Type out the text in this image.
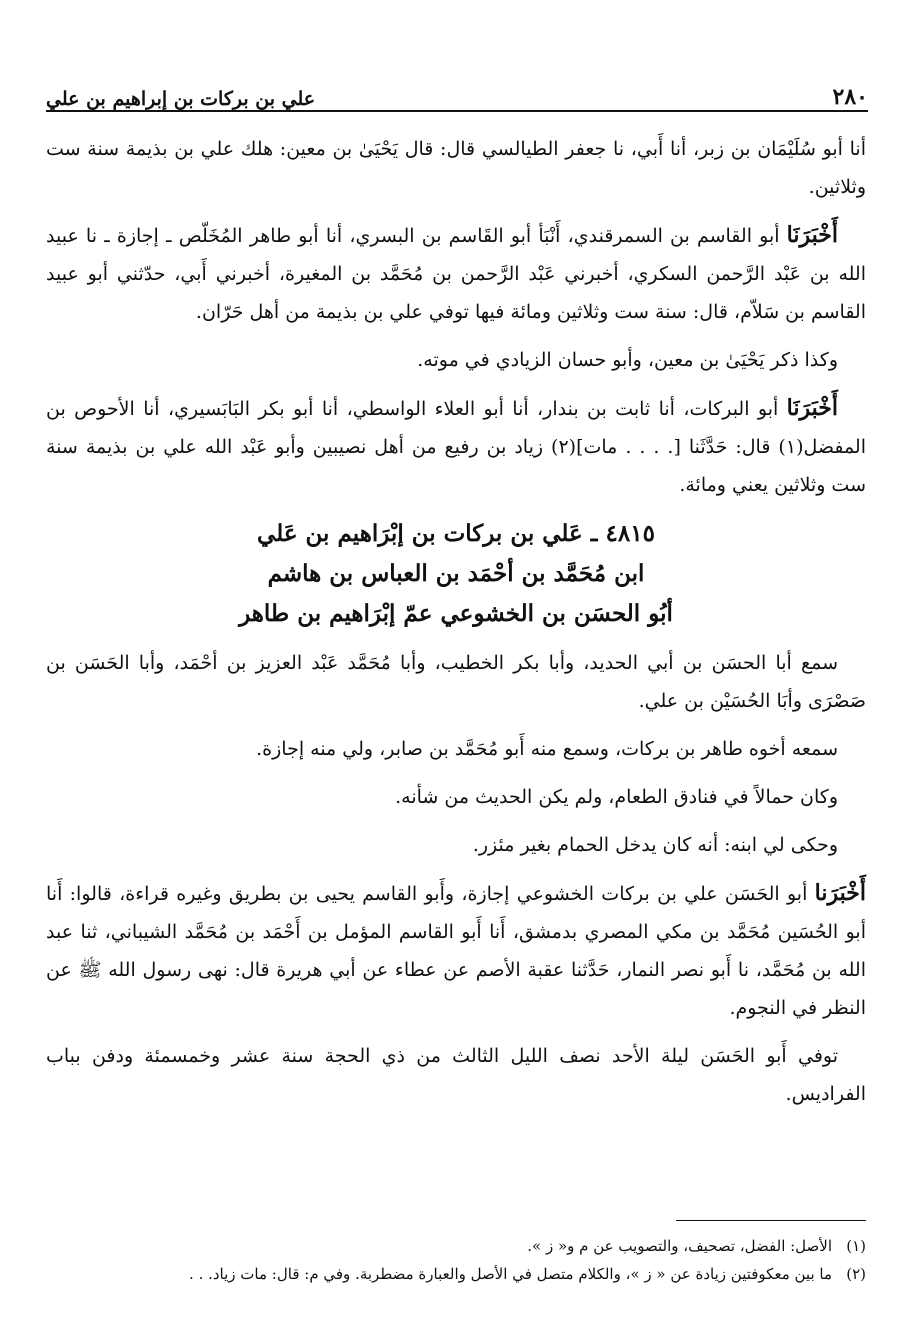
٢٨٠
علي بن بركات بن إبراهيم بن علي

أنا أبو سُلَيْمَان بن زبر، أنا أَبي، نا جعفر الطيالسي قال: قال يَحْيَىٰ بن معين: هلك علي بن بذيمة سنة ست وثلاثين.

أَخْبَرَنَا أبو القاسم بن السمرقندي، أَنْبَأ أبو القَاسم بن البسري، أنا أبو طاهر المُخَلّص ـ إجازة ـ نا عبيد الله بن عَبْد الرَّحمن السكري، أخبرني عَبْد الرَّحمن بن مُحَمَّد بن المغيرة، أخبرني أَبي، حدّثني أبو عبيد القاسم بن سَلاّم، قال: سنة ست وثلاثين ومائة فيها توفي علي بن بذيمة من أهل حَرّان.

وكذا ذكر يَحْيَىٰ بن معين، وأبو حسان الزيادي في موته.

أَخْبَرَنَا أبو البركات، أنا ثابت بن بندار، أنا أبو العلاء الواسطي، أنا أبو بكر البَابَسيري، أنا الأحوص بن المفضل(١) قال: حَدَّثَنا [. . . . مات](٢) زياد بن رفيع من أهل نصيبين وأبو عَبْد الله علي بن بذيمة سنة ست وثلاثين يعني ومائة.

٤٨١٥ ـ عَلي بن بركات بن إبْرَاهيم بن عَلي
ابن مُحَمَّد بن أحْمَد بن العباس بن هاشم
أبُو الحسَن بن الخشوعي عمّ إبْرَاهيم بن طاهر

سمع أبا الحسَن بن أبي الحديد، وأبا بكر الخطيب، وأبا مُحَمَّد عَبْد العزيز بن أحْمَد، وأبا الحَسَن بن صَصْرَى وأبَا الحُسَيْن بن علي.

سمعه أخوه طاهر بن بركات، وسمع منه أَبو مُحَمَّد بن صابر، ولي منه إجازة.

وكان حمالاً في فنادق الطعام، ولم يكن الحديث من شأنه.

وحكى لي ابنه: أنه كان يدخل الحمام بغير مئزر.

أَخْبَرَنا أبو الحَسَن علي بن بركات الخشوعي إجازة، وأَبو القاسم يحيى بن بطريق وغيره قراءة، قالوا: أَنا أبو الحُسَين مُحَمَّد بن مكي المصري بدمشق، أَنا أَبو القاسم المؤمل بن أَحْمَد بن مُحَمَّد الشيباني، ثنا عبد الله بن مُحَمَّد، نا أَبو نصر النمار، حَدَّثنا عقبة الأصم عن عطاء عن أبي هريرة قال: نهى رسول الله ﷺ عن النظر في النجوم.

توفي أَبو الحَسَن ليلة الأحد نصف الليل الثالث من ذي الحجة سنة عشر وخمسمئة ودفن بباب الفراديس.

(١)
الأصل: الفضل، تصحيف، والتصويب عن م و« ز ».
(٢)
ما بين معكوفتين زيادة عن « ز »، والكلام متصل في الأصل والعبارة مضطربة. وفي م: قال: مات زياد. . .
